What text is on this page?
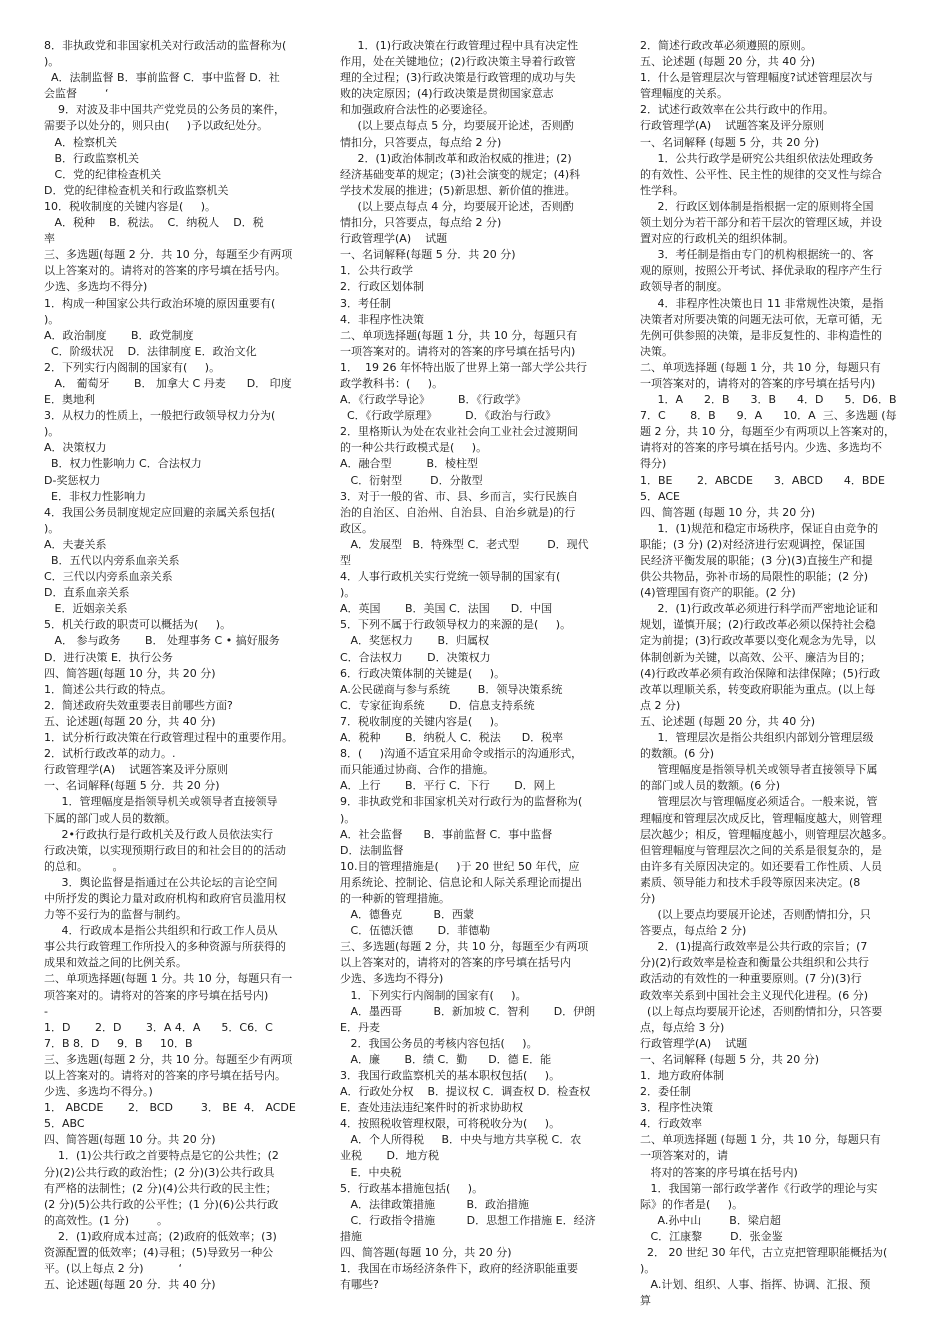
8．非执政党和非国家机关对行政活动的监督称为(
)。
A．法制监督 B．事前监督 C．事中监督 D．社
会监督        ‘
9．对波及非中国共产党党员的公务员的案件，
需要予以处分的，则只由(     )予以政纪处分。
A．检察机关
B．行政监察机关
C．党的纪律检查机关
D．党的纪律检查机关和行政监察机关
10．税收制度的关键内容是(     )。
A．税种    B．税法。  C．纳税人    D．税
率
三、多选题(每题 2 分．共 10 分，每题至少有两项
以上答案对的。请将对的答案的序号填在括号内。
少选、多选均不得分)
1．构成一种国家公共行政治环境的原因重要有(
)。
A．政治制度       B．政党制度
C．阶级状况    D．法律制度 E．政治文化
2．下列实行内阁制的国家有(     )。
A． 葡萄牙       B． 加拿大 C 丹麦      D． 印度
E．奥地利
3．从权力的性质上，一般把行政领导权力分为(
)。
A．决策权力
B．权力性影响力 C．合法权力
D-奖惩权力
E．非权力性影响力
4．我国公务员制度规定应回避的亲属关系包括(
)。
A．夫妻关系
B．五代以内旁系血亲关系
C．三代以内旁系血亲关系
D．直系血亲关系
E．近姻亲关系
5．机关行政的职责可以概括为(     )。
A． 参与政务       B． 处理事务 C • 搞好服务
D．进行决策 E．执行公务
四、简答题(每题 10 分，共 20 分)
1．简述公共行政的特点。
2．简述政府失效重要表目前哪些方面?
五、论述题(每题 20 分，共 40 分)
1．试分析行政决策在行政管理过程中的重要作用。
2．试析行政改革的动力。.
行政管理学(A)    试题答案及评分原则
一、名词解释(每题 5 分．共 20 分)
1．管理幅度是指领导机关或领导者直接领导
下属的部门或人员的数额。
2•行政执行是行政机关及行政人员依法实行
行政决策，以实现预期行政目的和社会目的的活动
的总和。       。
3．舆论监督是指通过在公共论坛的言论空间
中所抒发的舆论力量对政府机构和政府官员滥用权
力等不妥行为的监督与制约。
4．行政成本是指公共组织和行政工作人员从
事公共行政管理工作所投入的多种资源与所获得的
成果和效益之间的比例关系。
二、单项选择题(每题 1 分。共 10 分，每题只有一
项答案对的。请将对的答案的序号填在括号内)
-
1．D       2．D       3．A 4．A      5．C6．C
7．B 8．D     9．B     10．B
三、多选题(每题 2 分，共 10 分。每题至少有两项
以上答案对的。请将对的答案的序号填在括号内。
少选、多选均不得分。)
1． ABCDE       2． BCD        3． BE  4． ACDE
5．ABC
四、简答题(每题 10 分。共 20 分)
1．(1)公共行政之首要特点是它的公共性；(2
分)(2)公共行政的政治性；(2 分)(3)公共行政具
有严格的法制性；(2 分)(4)公共行政的民主性；
(2 分)(5)公共行政的公平性；(1 分)(6)公共行政
的高效性。(1 分)        。
2．(1)政府成本过高；(2)政府的低效率；(3)
资源配置的低效率；(4)寻租；(5)导致另一种公
平。(以上每点 2 分)          ‘
五、论述题(每题 20 分．共 40 分)
1．(1)行政决策在行政管理过程中具有决定性
作用，处在关键地位；(2)行政决策主导着行政管
理的全过程；(3)行政决策是行政管理的成功与失
败的决定原因；(4)行政决策是贯彻国家意志
和加强政府合法性的必要途径。
(以上要点每点 5 分，均要展开论述，否则酌
情扣分，只答要点，每点给 2 分)
2．(1)政治体制改革和政治权威的推进；(2)
经济基础变革的规定；(3)社会演变的规定；(4)科
学技术发展的推进；(5)新思想、新价值的推进。
(以上要点每点 4 分，均要展开论述，否则酌
情扣分，只答要点，每点给 2 分)
行政管理学(A)    试题
一、名词解释(每题 5 分．共 20 分)
1．公共行政学
2．行政区划体制
3．考任制
4．非程序性决策
二、单项选择题(每题 1 分，共 10 分，每题只有
一项答案对的。请将对的答案的序号填在括号内)
1．  19 26 年怀特出版了世界上第一部大学公共行
政学教科书：(     )。
A．《行政学导论》        B．《行政学》
C．《行政学原理》        D．《政治与行政》
2．里格斯认为处在农业社会向工业社会过渡期间
的一种公共行政模式是(     )。
A．融合型          B．棱柱型
C．衍射型        D．分散型
3．对于一般的省、市、县、乡而言，实行民族自
治的自治区、自治州、自治县、自治乡就是)的行
政区。
A．发展型   B．特殊型 C．老式型        D．现代
型
4．人事行政机关实行党统一领导制的国家有(
)。
A．英国       B．美国 C．法国      D．中国
5．下列不属于行政领导权力的来源的是(     )。
A．奖惩权力       B．归属权
C．合法权力       D．决策权力
6．行政决策体制的关键是(     )。
A.公民磋商与参与系统        B．领导决策系统
C．专家征询系统       D．信息支持系统
7．税收制度的关键内容是(     )。
A．税种       B．纳税人 C．税法      D．税率
8．(     )沟通不适宜采用命令或指示的沟通形式，
而只能通过协商、合作的措施。
A．上行       B．平行 C．下行       D．网上
9．非执政党和非国家机关对行政行为的监督称为(
)。
A．社会监督      B．事前监督 C．事中监督
D．法制监督
10.目的管理措施是(     )于 20 世纪 50 年代，应
用系统论、控制论、信息论和人际关系理论而提出
的一种新的管理措施。
A．德鲁克         B．西蒙
C．伍德沃德       D．菲德勒
三、多选题(每题 2 分，共 10 分，每题至少有两项
以上答案对的，请将对的答案的序号填在括号内
少选、多选均不得分)
1．下列实行内阁制的国家有(     )。
A．墨西哥         B．新加坡 C．智利       D．伊朗
E．丹麦
2．我国公务员的考核内容包括(     )。
A．廉       B．绩 C．勤      D．德 E．能
3．我国行政监察机关的基本职权包括(     )。
A．行政处分权    B．提议权 C．调查权 D．检查权
E．查处违法违纪案件时的祈求协助权
4．按照税收管理权限，可将税收分为(     )。
A．个人所得税     B．中央与地方共享税 C．农
业税       D．地方税
E．中央税
5．行政基本措施包括(     )。
A．法律政策措施         B．政治措施
C．行政指令措施         D．思想工作措施 E．经济
措施
四、简答题(每题 10 分，共 20 分)
1．我国在市场经济条件下，政府的经济职能重要
有哪些?
2．简述行政改革必须遵照的原则。
五、论述题 (每题 20 分，共 40 分)
1．什么是管理层次与管理幅度?试述管理层次与
管理幅度的关系。
2．试述行政效率在公共行政中的作用。
行政管理学(A)    试题答案及评分原则
一、名词解释 (每题 5 分，共 20 分)
1．公共行政学是研究公共组织依法处理政务
的有效性、公平性、民主性的规律的交叉性与综合
性学科。
2．行政区划体制是指根据一定的原则将全国
领土划分为若干部分和若干层次的管理区域，并设
置对应的行政机关的组织体制。
3．考任制是指由专门的机构根据统一的、客
观的原则，按照公开考试、择优录取的程序产生行
政领导者的制度。
4．非程序性决策也日 11 非常规性决策，是指
决策者对所要决策的问题无法可依，无章可循，无
先例可供参照的决策，是非反复性的、非构造性的
决策。
二、单项选择题 (每题 1 分，共 10 分，每题只有
一项答案对的，请将对的答案的序号填在括号内)
1．A      2．B      3．B      4．D      5．D6．B
7．C       8．B      9．A      10．A  三、多选题 (每
题 2 分，共 10 分，每题至少有两项以上答案对的，
请将对的答案的序号填在括号内。少选、多选均不
得分)
1．BE       2．ABCDE      3．ABCD      4．BDE       5．ACE
四、简答题 (每题 10 分，共 20 分)
1．(1)规范和稳定市场秩序，保证自由竞争的
职能；(3 分) (2)对经济进行宏观调控，保证国
民经济平衡发展的职能；(3 分)(3)直接生产和提
供公共物品，弥补市场的局限性的职能；(2 分)
(4)管理国有资产的职能。(2 分)
2．(1)行政改革必须进行科学而严密地论证和
规划，谨慎开展；(2)行政改革必须以保持社会稳
定为前提；(3)行政改革要以变化观念为先导，以
体制创新为关键，以高效、公平、廉洁为目的；
(4)行政改革必须有政治保障和法律保障；(5)行政
改革以理顺关系，转变政府职能为重点。(以上每
点 2 分)
五、论述题 (每题 20 分，共 40 分)
1．管理层次是指公共组织内部划分管理层级
的数额。(6 分)
管理幅度是指领导机关或领导者直接领导下属
的部门或人员的数额。(6 分)
管理层次与管理幅度必须适合。一般来说，管
理幅度和管理层次成反比，管理幅度越大，则管理
层次越少；相反，管理幅度越小，则管理层次越多。
但管理幅度与管理层次之间的关系是很复杂的，是
由许多有关原因决定的。如还要看工作性质、人员
素质、领导能力和技术手段等原因来决定。(8
分)
(以上要点均要展开论述，否则酌情扣分，只
答要点，每点给 2 分)
2．(1)提高行政效率是公共行政的宗旨；(7
分)(2)行政效率是检查和衡量公共组织和公共行
政活动的有效性的一种重要原则。(7 分)(3)行
政效率关系到中国社会主义现代化进程。(6 分)
(以上每点均要展开论述，否则酌情扣分，只答要
点，每点给 3 分)
行政管理学(A)    试题
一、名词解释 (每题 5 分，共 20 分)
1．地方政府体制
2．委任制
3．程序性决策
4．行政效率
二、单项选择题 (每题 1 分，共 10 分，每题只有
一项答案对的，请
将对的答案的序号填在括号内)
1．我国第一部行政学著作《行政学的理论与实
际》的作者是(     )。
A.孙中山        B．梁启超
C．江康黎        D．张金鉴
2． 20 世纪 30 年代，古立克把管理职能概括为(
)。
A.计划、组织、人事、指挥、协调、汇报、预
算
